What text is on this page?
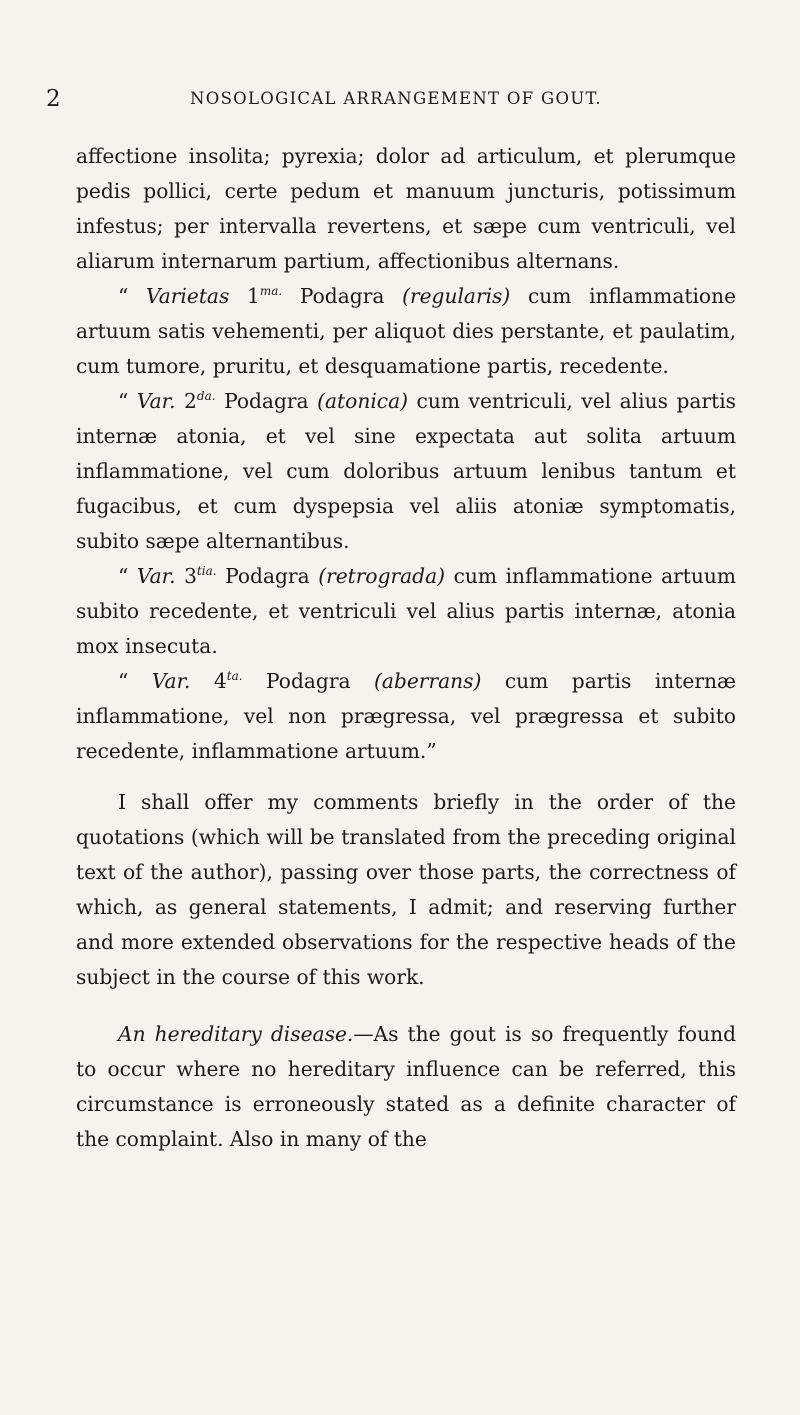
2	NOSOLOGICAL ARRANGEMENT OF GOUT.

affectione insolita; pyrexia; dolor ad articulum, et plerumque pedis pollici, certe pedum et manuum juncturis, potissimum infestus; per intervalla revertens, et sæpe cum ventriculi, vel aliarum internarum partium, affectionibus alternans.

“ Varietas $1^{ma.}$ Podagra (regularis) cum inflammatione artuum satis vehementi, per aliquot dies perstante, et paulatim, cum tumore, pruritu, et desquamatione partis, recedente.

“ Var. $2^{da.}$ Podagra (atonica) cum ventriculi, vel alius partis internæ atonia, et vel sine expectata aut solita artuum inflammatione, vel cum doloribus artuum lenibus tantum et fugacibus, et cum dyspepsia vel aliis atoniæ symptomatis, subito sæpe alternantibus.

“ Var. $3^{tia.}$ Podagra (retrograda) cum inflammatione artuum subito recedente, et ventriculi vel alius partis internæ, atonia mox insecuta.

“ Var. $4^{ta.}$ Podagra (aberrans) cum partis internæ inflammatione, vel non prægressa, vel prægressa et subito recedente, inflammatione artuum.”

I shall offer my comments briefly in the order of the quotations (which will be translated from the preceding original text of the author), passing over those parts, the correctness of which, as general statements, I admit; and reserving further and more extended observations for the respective heads of the subject in the course of this work.

An hereditary disease.—As the gout is so frequently found to occur where no hereditary influence can be referred, this circumstance is erroneously stated as a definite character of the complaint. Also in many of the
